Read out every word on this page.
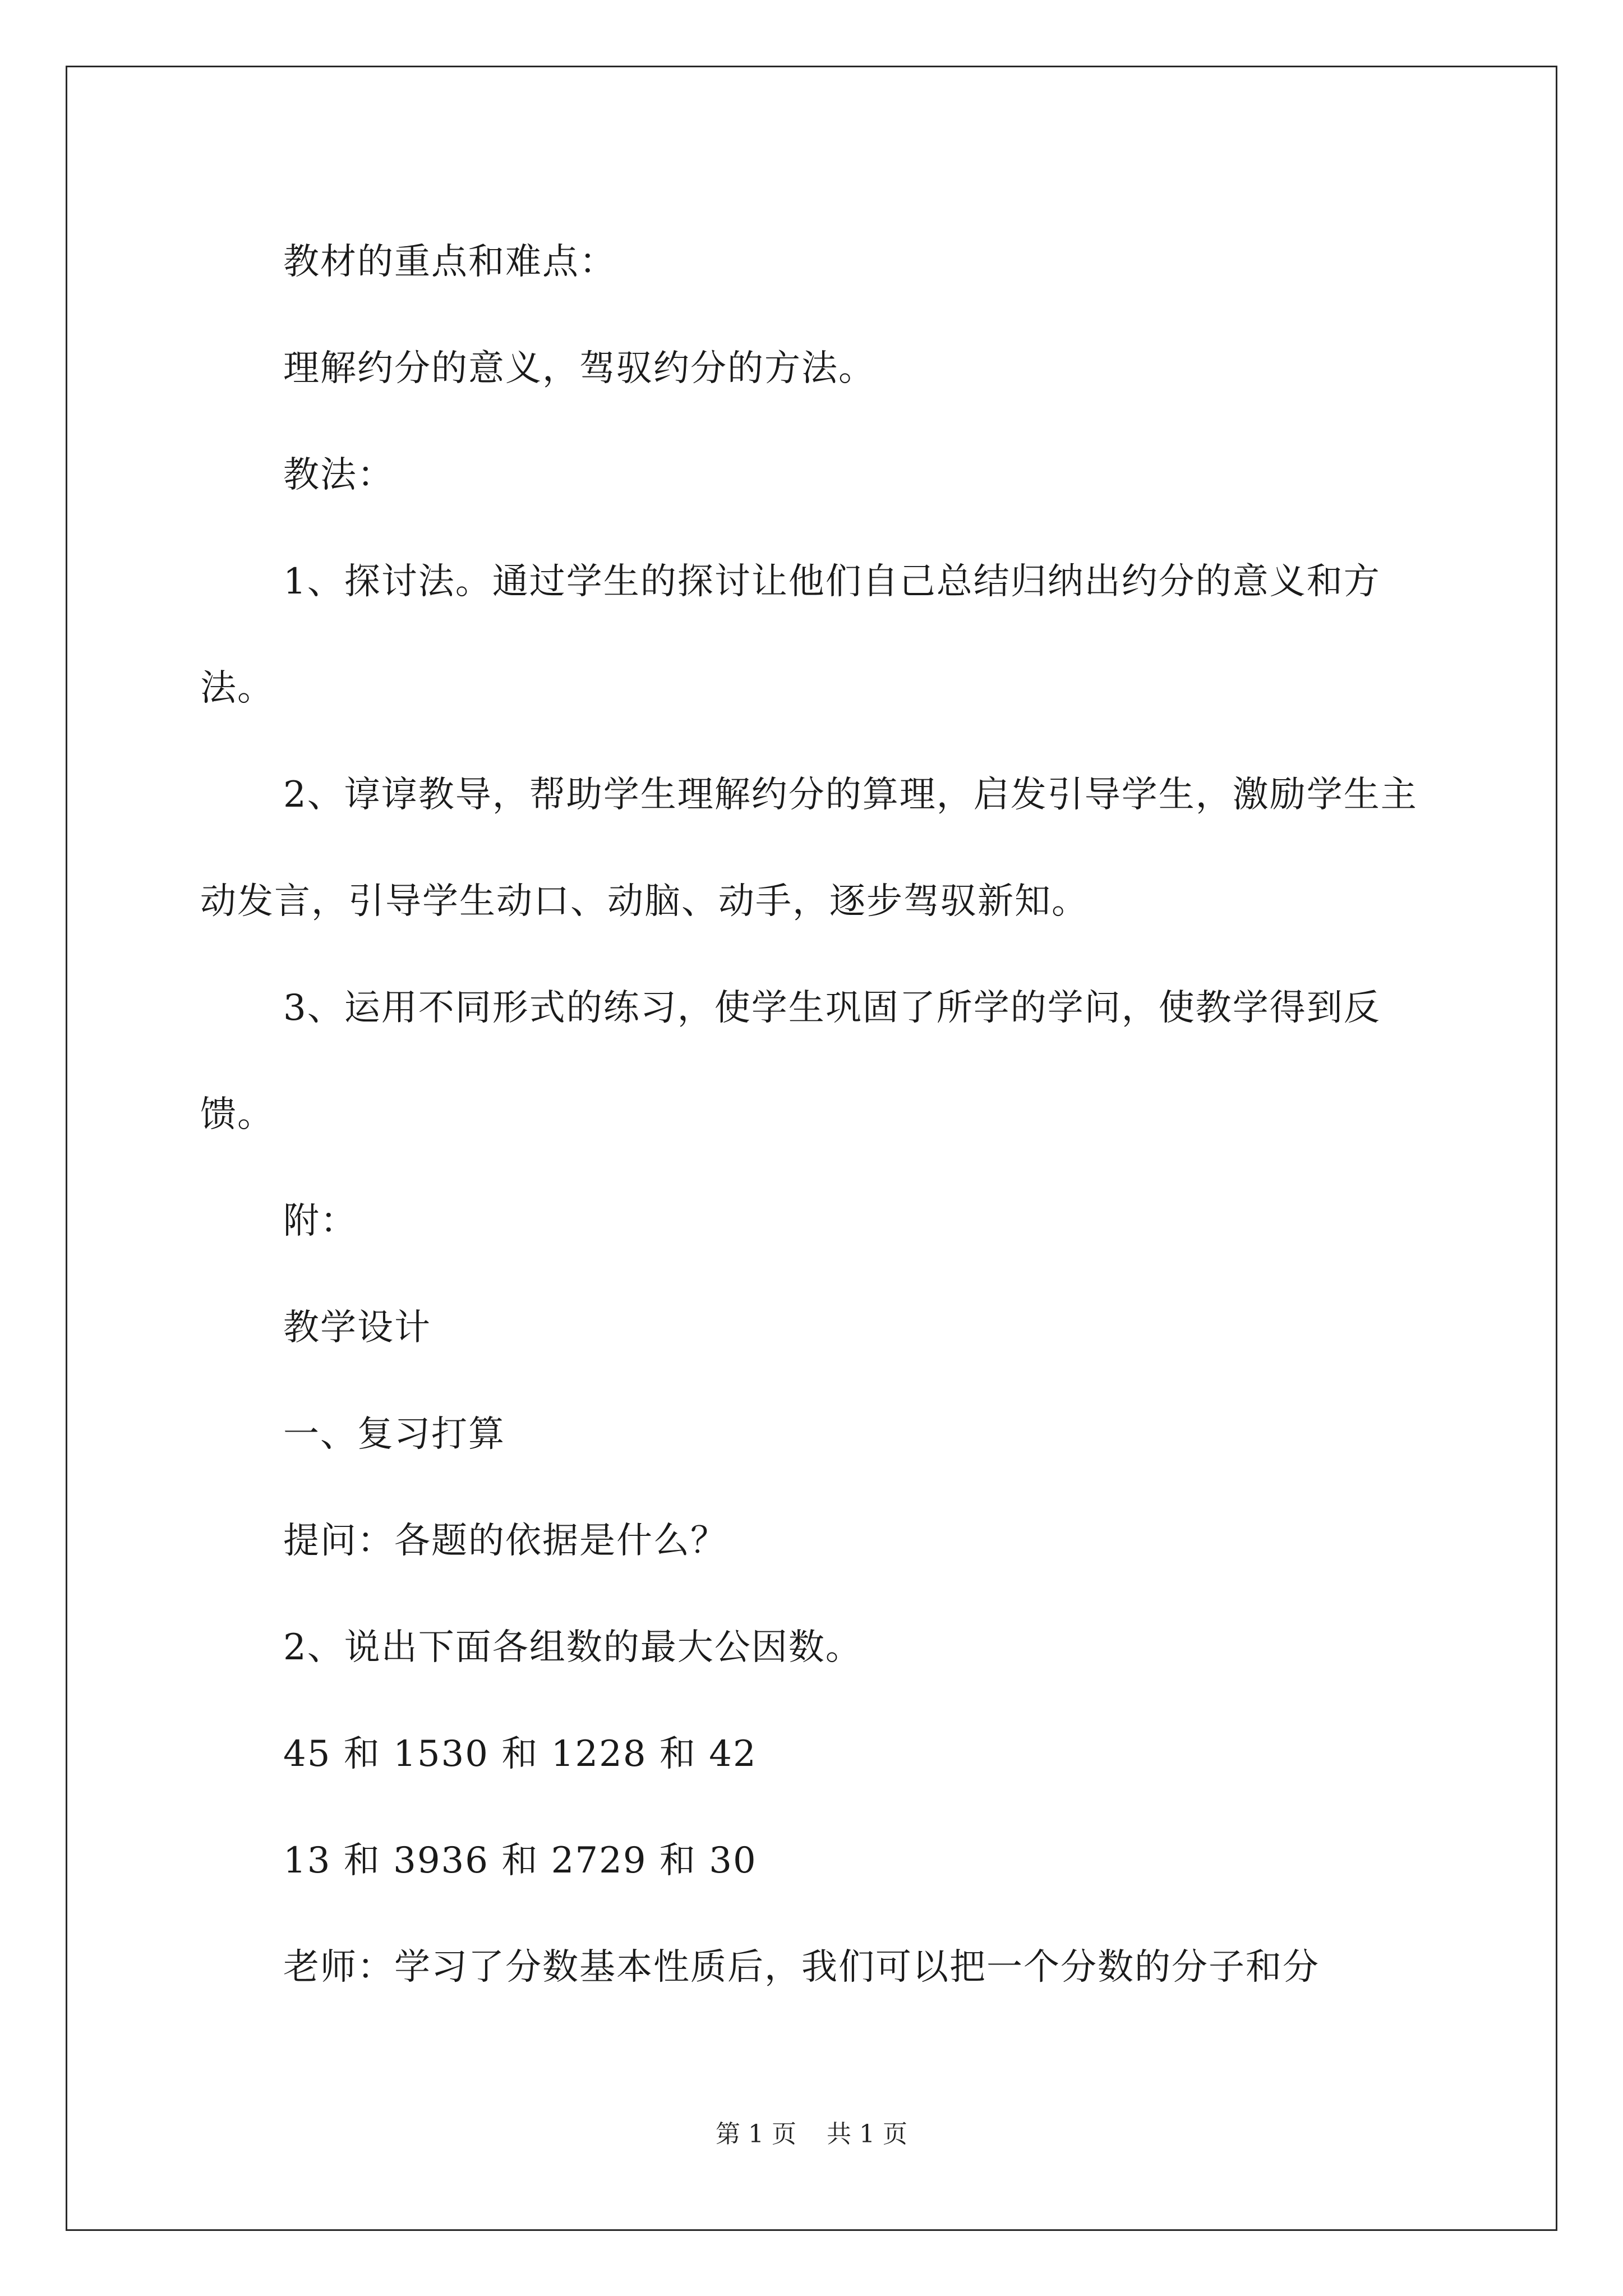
教材的重点和难点：

理解约分的意义，驾驭约分的方法。

教法：

1、探讨法。通过学生的探讨让他们自己总结归纳出约分的意义和方法。

2、谆谆教导，帮助学生理解约分的算理，启发引导学生，激励学生主动发言，引导学生动口、动脑、动手，逐步驾驭新知。

3、运用不同形式的练习，使学生巩固了所学的学问，使教学得到反馈。

附：

教学设计

一、复习打算

提问：各题的依据是什么？

2、说出下面各组数的最大公因数。

45 和 1530 和 1228 和 42

13 和 3936 和 2729 和 30

老师：学习了分数基本性质后，我们可以把一个分数的分子和分

第 1 页 共 1 页
